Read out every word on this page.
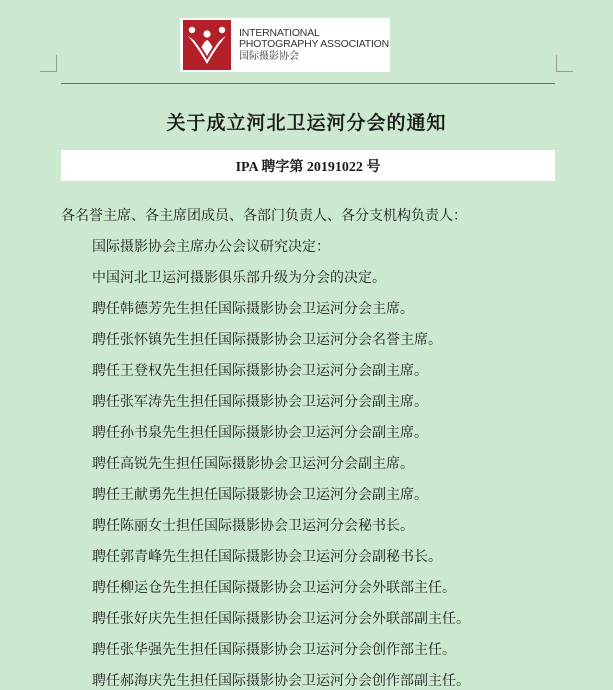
INTERNATIONAL
PHOTOGRAPHY ASSOCIATION
国际摄影协会
关于成立河北卫运河分会的通知
IPA 聘字第 20191022 号
各名誉主席、各主席团成员、各部门负责人、各分支机构负责人：
国际摄影协会主席办公会议研究决定：
中国河北卫运河摄影俱乐部升级为分会的决定。
聘任韩德芳先生担任国际摄影协会卫运河分会主席。
聘任张怀镇先生担任国际摄影协会卫运河分会名誉主席。
聘任王登权先生担任国际摄影协会卫运河分会副主席。
聘任张军涛先生担任国际摄影协会卫运河分会副主席。
聘任孙书泉先生担任国际摄影协会卫运河分会副主席。
聘任高锐先生担任国际摄影协会卫运河分会副主席。
聘任王献勇先生担任国际摄影协会卫运河分会副主席。
聘任陈丽女士担任国际摄影协会卫运河分会秘书长。
聘任郭青峰先生担任国际摄影协会卫运河分会副秘书长。
聘任柳运仓先生担任国际摄影协会卫运河分会外联部主任。
聘任张好庆先生担任国际摄影协会卫运河分会外联部副主任。
聘任张华强先生担任国际摄影协会卫运河分会创作部主任。
聘任郝海庆先生担任国际摄影协会卫运河分会创作部副主任。
